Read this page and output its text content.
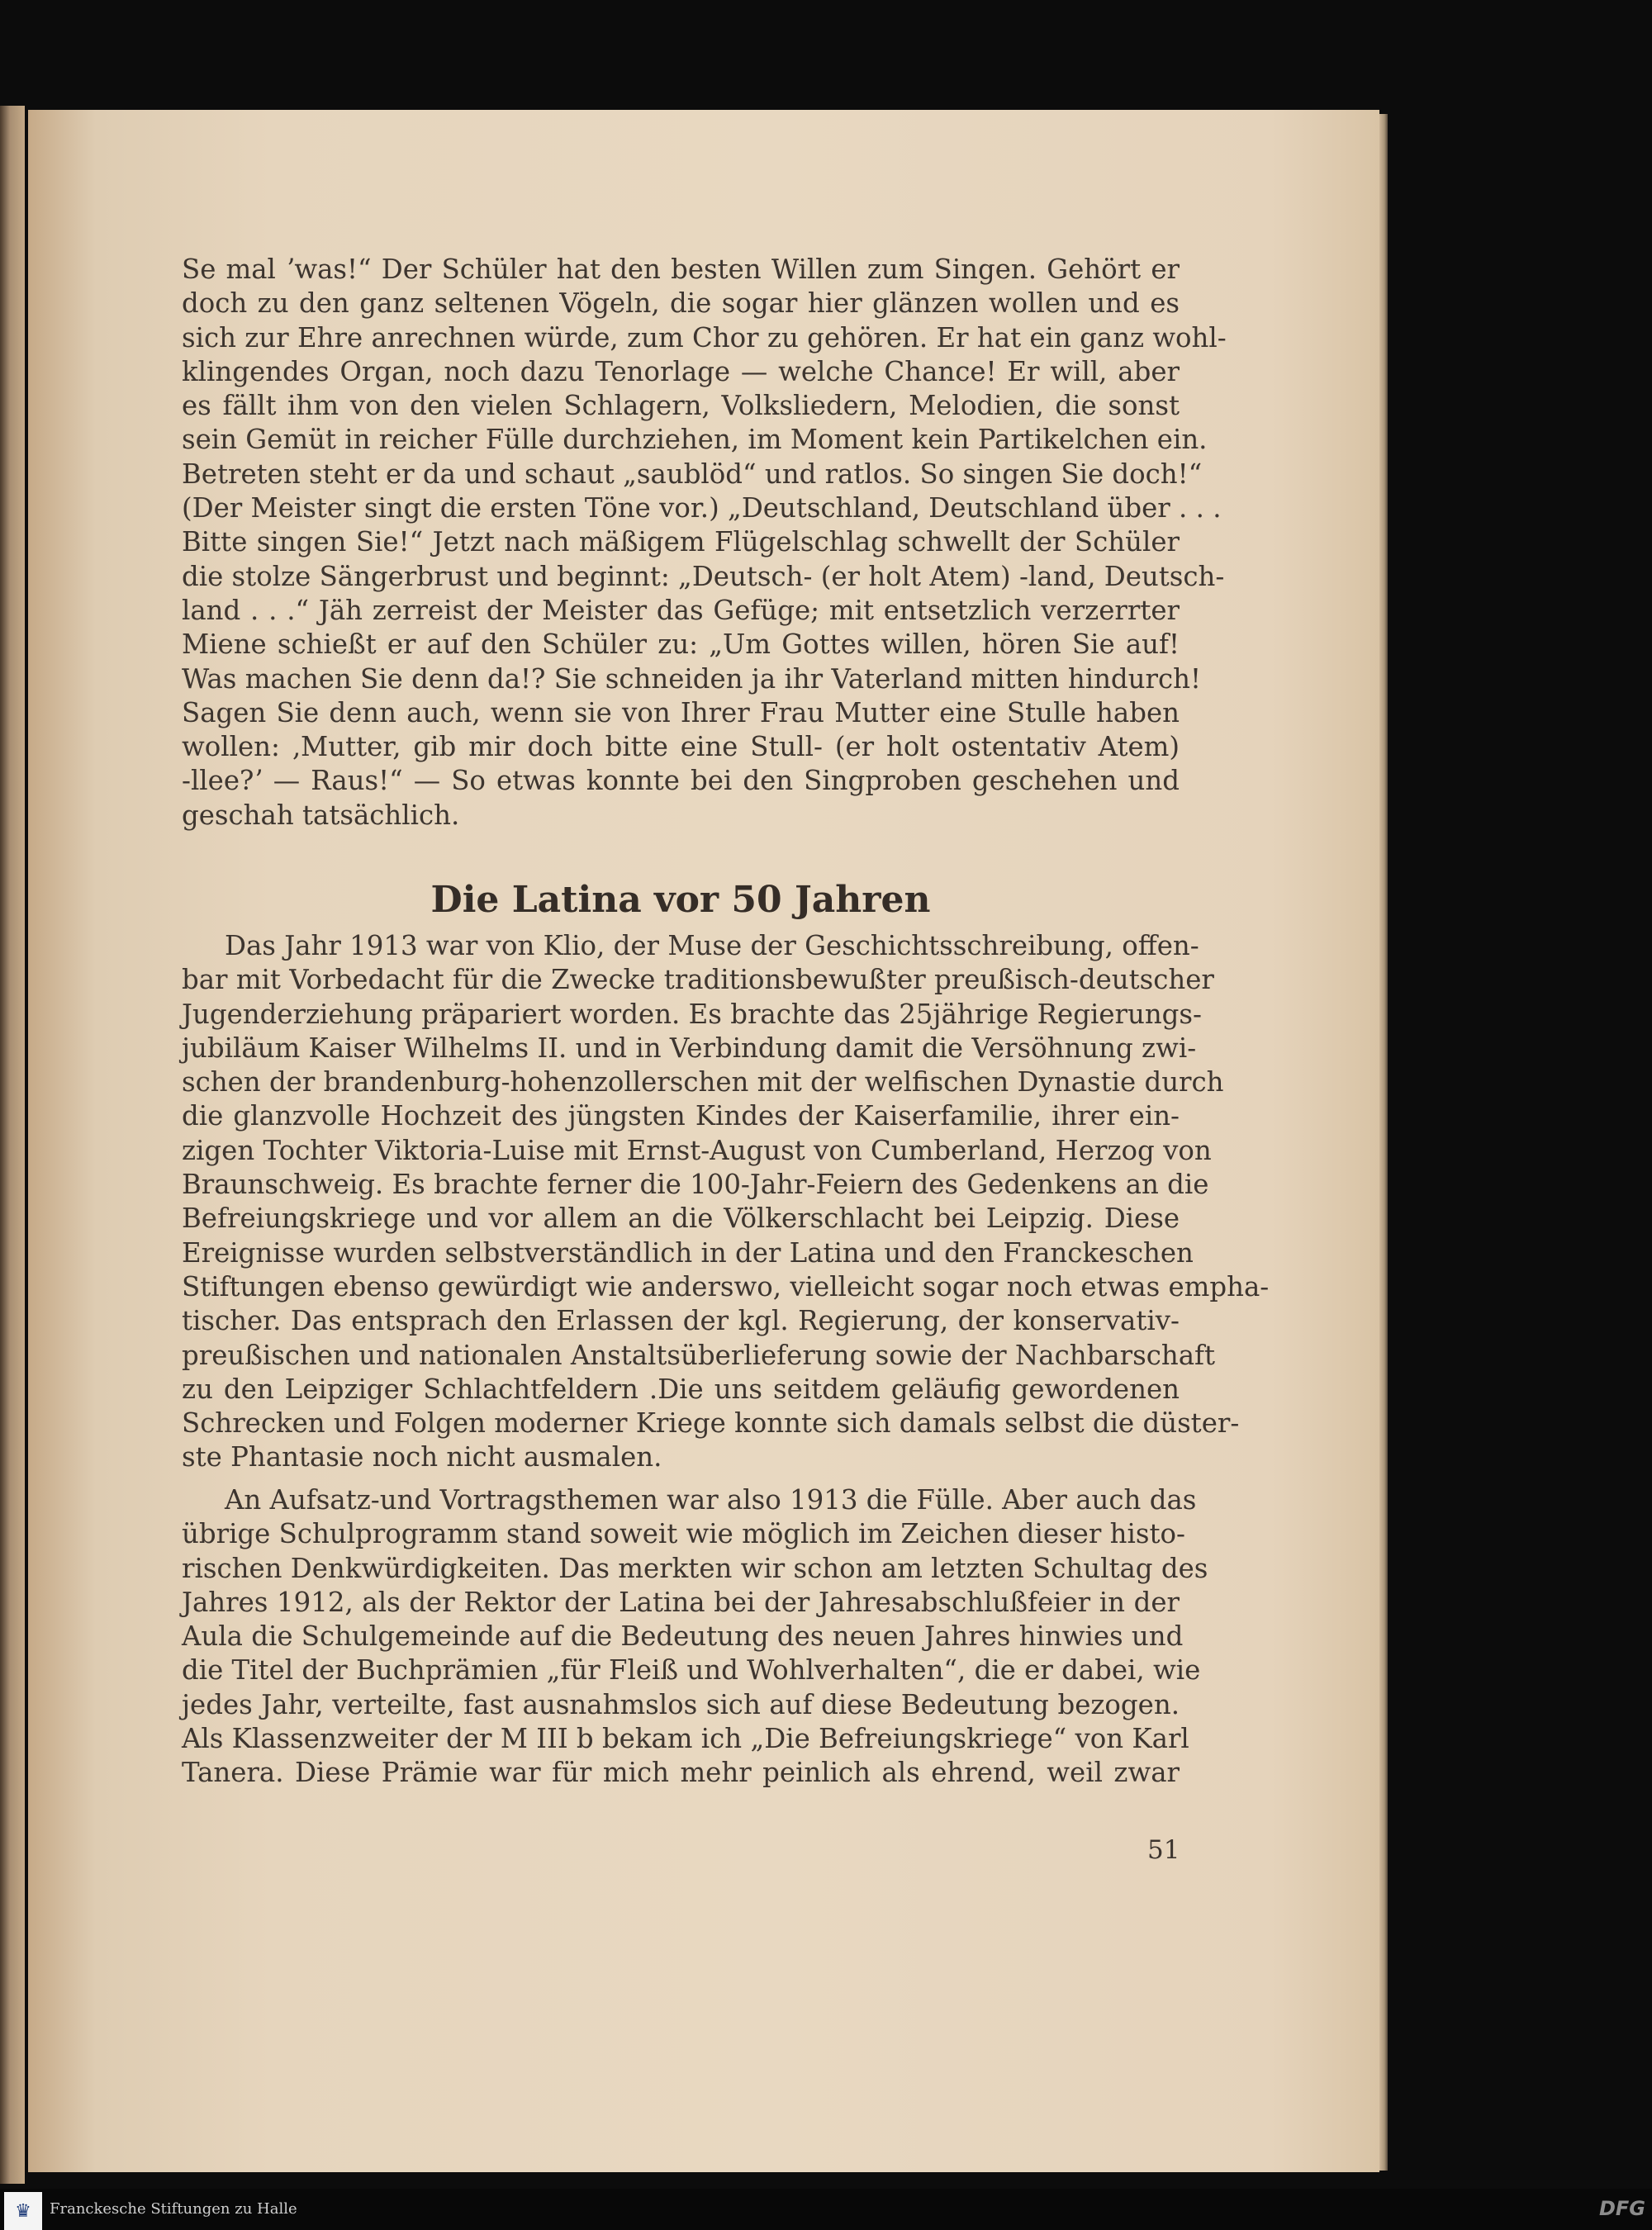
Se mal ʼwas!“ Der Schüler hat den besten Willen zum Singen. Gehört er

doch zu den ganz seltenen Vögeln, die sogar hier glänzen wollen und es

sich zur Ehre anrechnen würde, zum Chor zu gehören. Er hat ein ganz wohl-

klingendes Organ, noch dazu Tenorlage — welche Chance! Er will, aber

es fällt ihm von den vielen Schlagern, Volksliedern, Melodien, die sonst

sein Gemüt in reicher Fülle durchziehen, im Moment kein Partikelchen ein.

Betreten steht er da und schaut „saublöd“ und ratlos. So singen Sie doch!“

(Der Meister singt die ersten Töne vor.) „Deutschland, Deutschland über . . .

Bitte singen Sie!“ Jetzt nach mäßigem Flügelschlag schwellt der Schüler

die stolze Sängerbrust und beginnt: „Deutsch- (er holt Atem) -land, Deutsch-

land . . .“ Jäh zerreist der Meister das Gefüge; mit entsetzlich verzerrter

Miene schießt er auf den Schüler zu: „Um Gottes willen, hören Sie auf!

Was machen Sie denn da!? Sie schneiden ja ihr Vaterland mitten hindurch!

Sagen Sie denn auch, wenn sie von Ihrer Frau Mutter eine Stulle haben

wollen: ‚Mutter, gib mir doch bitte eine Stull- (er holt ostentativ Atem)

-llee?ʼ — Raus!“ — So etwas konnte bei den Singproben geschehen und

geschah tatsächlich.

Die Latina vor 50 Jahren

Das Jahr 1913 war von Klio, der Muse der Geschichtsschreibung, offen-

bar mit Vorbedacht für die Zwecke traditionsbewußter preußisch-deutscher

Jugenderziehung präpariert worden. Es brachte das 25jährige Regierungs-

jubiläum Kaiser Wilhelms II. und in Verbindung damit die Versöhnung zwi-

schen der brandenburg-hohenzollerschen mit der welfischen Dynastie durch

die glanzvolle Hochzeit des jüngsten Kindes der Kaiserfamilie, ihrer ein-

zigen Tochter Viktoria-Luise mit Ernst-August von Cumberland, Herzog von

Braunschweig. Es brachte ferner die 100-Jahr-Feiern des Gedenkens an die

Befreiungskriege und vor allem an die Völkerschlacht bei Leipzig. Diese

Ereignisse wurden selbstverständlich in der Latina und den Franckeschen

Stiftungen ebenso gewürdigt wie anderswo, vielleicht sogar noch etwas empha-

tischer. Das entsprach den Erlassen der kgl. Regierung, der konservativ-

preußischen und nationalen Anstaltsüberlieferung sowie der Nachbarschaft

zu den Leipziger Schlachtfeldern .Die uns seitdem geläufig gewordenen

Schrecken und Folgen moderner Kriege konnte sich damals selbst die düster-

ste Phantasie noch nicht ausmalen.

An Aufsatz-und Vortragsthemen war also 1913 die Fülle. Aber auch das

übrige Schulprogramm stand soweit wie möglich im Zeichen dieser histo-

rischen Denkwürdigkeiten. Das merkten wir schon am letzten Schultag des

Jahres 1912, als der Rektor der Latina bei der Jahresabschlußfeier in der

Aula die Schulgemeinde auf die Bedeutung des neuen Jahres hinwies und

die Titel der Buchprämien „für Fleiß und Wohlverhalten“, die er dabei, wie

jedes Jahr, verteilte, fast ausnahmslos sich auf diese Bedeutung bezogen.

Als Klassenzweiter der M III b bekam ich „Die Befreiungskriege“ von Karl

Tanera. Diese Prämie war für mich mehr peinlich als ehrend, weil zwar

51
♛	Franckesche Stiftungen zu Halle	DFG
